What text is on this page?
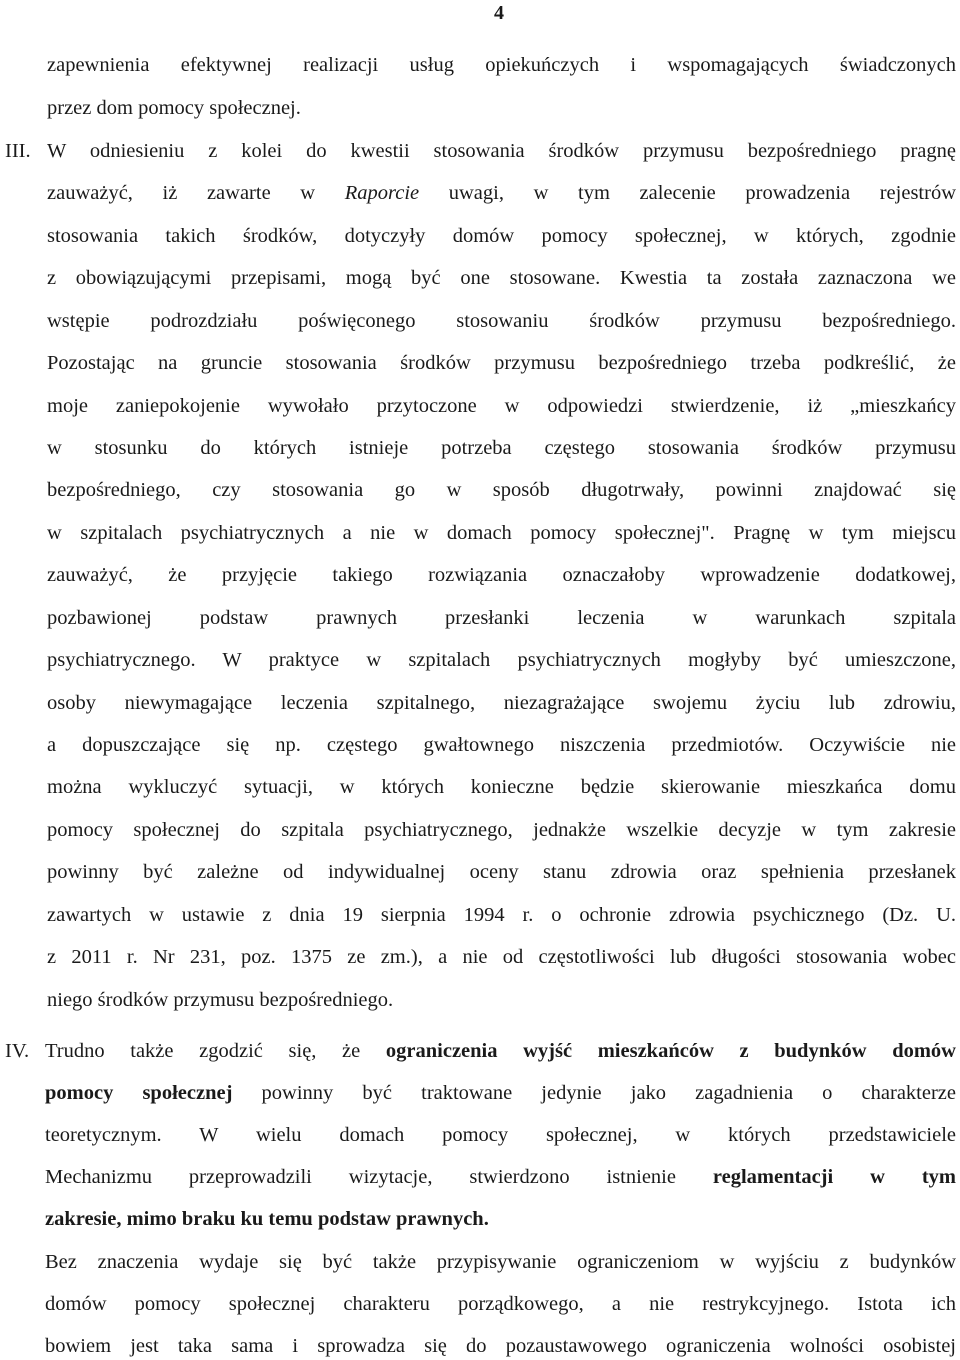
4
zapewnienia efektywnej realizacji usług opiekuńczych i wspomagających świadczonych
przez dom pomocy społecznej.
III. W odniesieniu z kolei do kwestii stosowania środków przymusu bezpośredniego pragnę
zauważyć, iż zawarte w Raporcie uwagi, w tym zalecenie prowadzenia rejestrów
stosowania takich środków, dotyczyły domów pomocy społecznej, w których, zgodnie
z obowiązującymi przepisami, mogą być one stosowane. Kwestia ta została zaznaczona we
wstępie podrozdziału poświęconego stosowaniu środków przymusu bezpośredniego.
Pozostając na gruncie stosowania środków przymusu bezpośredniego trzeba podkreślić, że
moje zaniepokojenie wywołało przytoczone w odpowiedzi stwierdzenie, iż „mieszkańcy
w stosunku do których istnieje potrzeba częstego stosowania środków przymusu
bezpośredniego, czy stosowania go w sposób długotrwały, powinni znajdować się
w szpitalach psychiatrycznych a nie w domach pomocy społecznej". Pragnę w tym miejscu
zauważyć, że przyjęcie takiego rozwiązania oznaczałoby wprowadzenie dodatkowej,
pozbawionej podstaw prawnych przesłanki leczenia w warunkach szpitala
psychiatrycznego. W praktyce w szpitalach psychiatrycznych mogłyby być umieszczone,
osoby niewymagające leczenia szpitalnego, niezagrażające swojemu życiu lub zdrowiu,
a dopuszczające się np. częstego gwałtownego niszczenia przedmiotów. Oczywiście nie
można wykluczyć sytuacji, w których konieczne będzie skierowanie mieszkańca domu
pomocy społecznej do szpitala psychiatrycznego, jednakże wszelkie decyzje w tym zakresie
powinny być zależne od indywidualnej oceny stanu zdrowia oraz spełnienia przesłanek
zawartych w ustawie z dnia 19 sierpnia 1994 r. o ochronie zdrowia psychicznego (Dz. U.
z 2011 r. Nr 231, poz. 1375 ze zm.), a nie od częstotliwości lub długości stosowania wobec
niego środków przymusu bezpośredniego.
IV. Trudno także zgodzić się, że ograniczenia wyjść mieszkańców z budynków domów
pomocy społecznej powinny być traktowane jedynie jako zagadnienia o charakterze
teoretycznym. W wielu domach pomocy społecznej, w których przedstawiciele
Mechanizmu przeprowadzili wizytacje, stwierdzono istnienie reglamentacji w tym
zakresie, mimo braku ku temu podstaw prawnych.
Bez znaczenia wydaje się być także przypisywanie ograniczeniom w wyjściu z budynków
domów pomocy społecznej charakteru porządkowego, a nie restrykcyjnego. Istota ich
bowiem jest taka sama i sprowadza się do pozaustawowego ograniczenia wolności osobistej
